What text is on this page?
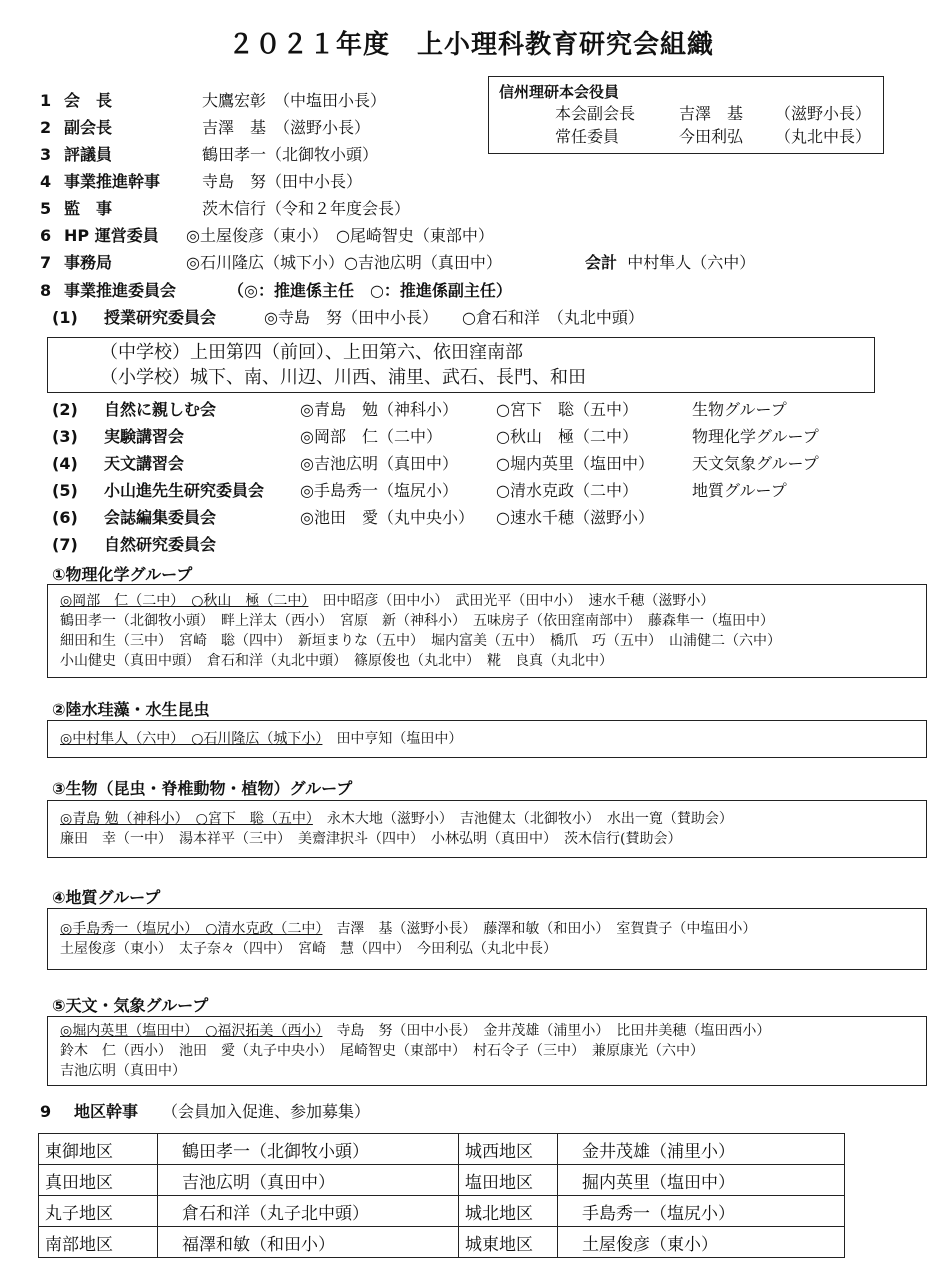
２０２１年度　上小理科教育研究会組織
1 会　長	大鷹宏彰　（中塩田小長）
2 副会長	吉澤　基　（滋野小長）
3 評議員	鶴田孝一（北御牧小頭）
4 事業推進幹事	寺島　努（田中小長）
5 監　事	茨木信行（令和２年度会長）
6 HP 運営委員 ◎土屋俊彦（東小）　○尾崎智史（東部中）
7 事務局	◎石川隆広（城下小）○吉池広明（真田中）	会計 中村隼人（六中）
信州理研本会役員
本会副会長	吉澤　基 （滋野小長）
常任委員	今田利弘 （丸北中長）
8 事業推進委員会	（◎：推進係主任　○：推進係副主任）
(1) 授業研究委員会	◎寺島　努（田中小長）　　○倉石和洋　（丸北中頭）
（中学校）上田第四（前回）、上田第六、依田窪南部
（小学校）城下、南、川辺、川西、浦里、武石、長門、和田
(2) 自然に親しむ会	◎青島　勉（神科小） ○宮下　聡（五中）	生物グループ
(3) 実験講習会	◎岡部　仁（二中）	○秋山　極（二中）	物理化学グループ
(4) 天文講習会	◎吉池広明（真田中） ○堀内英里（塩田中） 天文気象グループ
(5) 小山進先生研究委員会 ◎手島秀一（塩尻小） ○清水克政（二中）	地質グループ
(6) 会誌編集委員会	◎池田　愛（丸中央小） ○速水千穂（滋野小）
(7) 自然研究委員会
①物理化学グループ
◎岡部　仁（二中）　○秋山　極（二中）　 田中昭彦（田中小）　武田光平（田中小）　速水千穂（滋野小）
鶴田孝一（北御牧小頭）　畔上洋太（西小）　宮原　新（神科小）　五味房子（依田窪南部中）　藤森隼一（塩田中）
細田和生（三中）　宮崎　聡（四中）　新垣まりな（五中）　堀内富美（五中）　橋爪　巧（五中）　山浦健二（六中）
小山健史（真田中頭）　倉石和洋（丸北中頭）　篠原俊也（丸北中）　糀　良真（丸北中）
②陸水珪藻・水生昆虫
◎中村隼人（六中）　○石川隆広（城下小）　 田中亨知（塩田中）
③生物（昆虫・脊椎動物・植物）グループ
◎青島 勉（神科小）　○宮下　聡（五中）　 永木大地（滋野小）　吉池健太（北御牧小）　水出一寛（賛助会）
廉田　幸（一中）　湯本祥平（三中）　美齋津択斗（四中）　小林弘明（真田中）　茨木信行(賛助会）
④地質グループ
◎手島秀一（塩尻小）　○清水克政（二中）　 吉澤　基（滋野小長）　藤澤和敏（和田小）　室賀貴子（中塩田小）
土屋俊彦（東小）　太子奈々（四中）　宮崎　慧（四中）　今田利弘（丸北中長）
⑤天文・気象グループ
◎堀内英里（塩田中）　○福沢拓美（西小）　 寺島　努（田中小長）　金井茂雄（浦里小）　比田井美穂（塩田西小）
鈴木　仁（西小）　池田　愛（丸子中央小）　尾崎智史（東部中）　村石令子（三中）　兼原康光（六中）
吉池広明（真田中）
9 地区幹事 （会員加入促進、参加募集）
東御地区	鶴田孝一（北御牧小頭）	城西地区	金井茂雄（浦里小）
真田地区	吉池広明（真田中）	塩田地区	掘内英里（塩田中）
丸子地区	倉石和洋（丸子北中頭）	城北地区	手島秀一（塩尻小）
南部地区	福澤和敏（和田小）	城東地区	土屋俊彦（東小）
